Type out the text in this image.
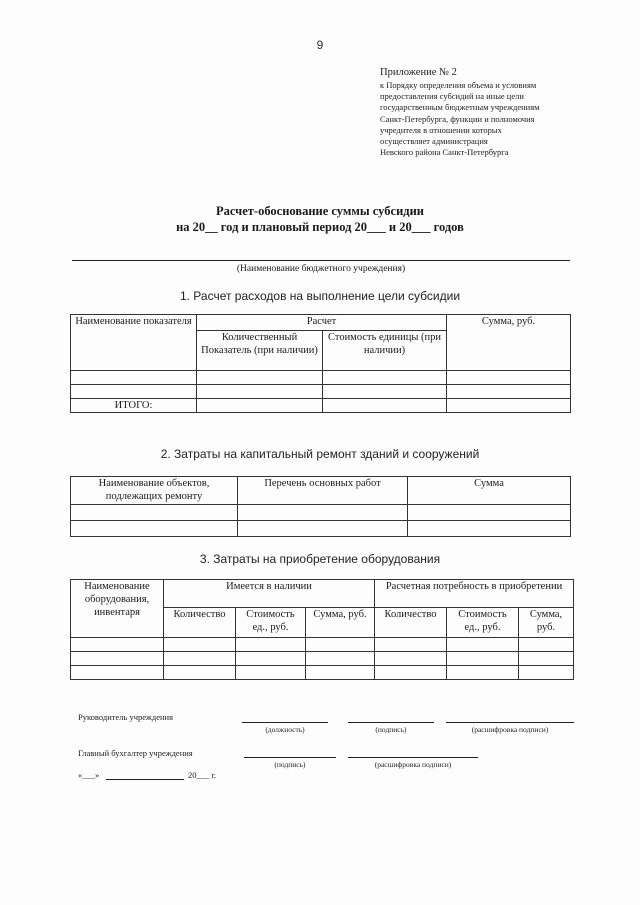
9
Приложение № 2
к Порядку определения объема и условиям
предоставления субсидий на иные цели
государственным бюджетным учреждениям
Санкт-Петербурга, функции и полномочия
учредителя в отношении которых
осуществляет администрация
Невского района Санкт-Петербурга
Расчет-обоснование суммы субсидии
на 20__ год и плановый период 20___ и 20___ годов
(Наименование бюджетного учреждения)
1. Расчет расходов на выполнение цели субсидии
Наименование показателя	Расчет		Сумма, руб.
	Количественный Показатель (при наличии)	Стоимость единицы (при наличии)	

ИТОГО:			
2. Затраты на капитальный ремонт зданий и сооружений
Наименование объектов, подлежащих ремонту	Перечень основных работ	Сумма

3. Затраты на приобретение оборудования
Наименование оборудования, инвентаря	Имеется в наличии			Расчетная потребность в приобретении		
	Количество	Стоимость ед., руб.	Сумма, руб.	Количество	Стоимость ед., руб.	Сумма, руб.

Руководитель учреждения
(должность)	(подпись)	(расшифровка подписи)
Главный бухгалтер учреждения
(подпись)	(расшифровка подписи)
«___»	20___ г.
